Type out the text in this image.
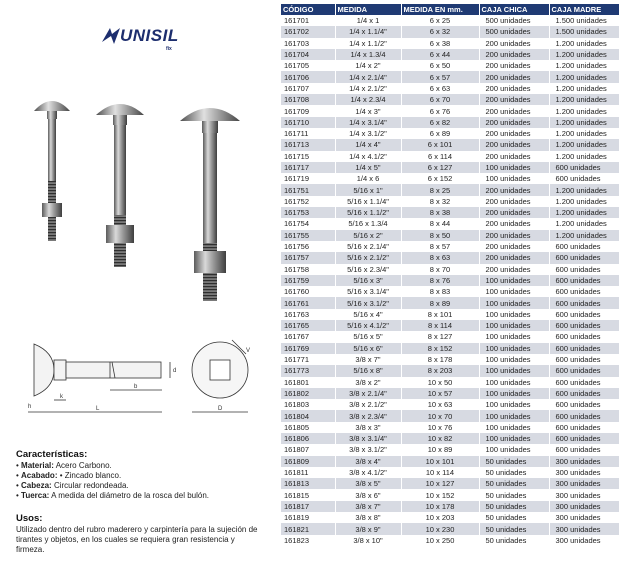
UNISIL
fix
h
k
L
b
d
D
V
Características:
• Material: Acero Carbono.
• Acabado: • Zincado blanco.
• Cabeza: Circular redondeada.
• Tuerca: A medida del diámetro de la rosca del bulón.
Usos:

Utilizado dentro del rubro maderero y carpintería para la sujeción de tirantes y objetos, en los cuales se requiera gran resistencia y firmeza.

CÓDIGO	MEDIDA	MEDIDA EN mm.	CAJA CHICA	CAJA MADRE
161701	1/4 x 1	6 x 25	500 unidades	1.500 unidades
161702	1/4 x 1.1/4"	6 x 32	500 unidades	1.500 unidades
161703	1/4 x 1.1/2"	6 x 38	200 unidades	1.200 unidades
161704	1/4 x 1.3/4	6 x 44	200 unidades	1.200 unidades
161705	1/4 x 2"	6 x 50	200 unidades	1.200 unidades
161706	1/4 x 2.1/4"	6 x 57	200 unidades	1.200 unidades
161707	1/4 x 2.1/2"	6 x 63	200 unidades	1.200 unidades
161708	1/4 x 2.3/4	6 x 70	200 unidades	1.200 unidades
161709	1/4 x 3"	6 x 76	200 unidades	1.200 unidades
161710	1/4 x 3.1/4"	6 x 82	200 unidades	1.200 unidades
161711	1/4 x 3.1/2"	6 x 89	200 unidades	1.200 unidades
161713	1/4 x 4"	6 x 101	200 unidades	1.200 unidades
161715	1/4 x 4.1/2"	6 x 114	200 unidades	1.200 unidades
161717	1/4 x 5"	6 x 127	100 unidades	600 unidades
161719	1/4 x 6	6 x 152	100 unidades	600 unidades
161751	5/16 x 1"	8 x 25	200 unidades	1.200 unidades
161752	5/16 x 1.1/4"	8 x 32	200 unidades	1.200 unidades
161753	5/16 x 1.1/2"	8 x 38	200 unidades	1.200 unidades
161754	5/16 x 1.3/4	8 x 44	200 unidades	1.200 unidades
161755	5/16 x 2"	8 x 50	200 unidades	1.200 unidades
161756	5/16 x 2.1/4"	8 x 57	200 unidades	600 unidades
161757	5/16 x 2.1/2"	8 x 63	200 unidades	600 unidades
161758	5/16 x 2.3/4"	8 x 70	200 unidades	600 unidades
161759	5/16 x 3"	8 x 76	100 unidades	600 unidades
161760	5/16 x 3.1/4"	8 x 83	100 unidades	600 unidades
161761	5/16 x 3.1/2"	8 x 89	100 unidades	600 unidades
161763	5/16 x 4"	8 x 101	100 unidades	600 unidades
161765	5/16 x 4.1/2"	8 x 114	100 unidades	600 unidades
161767	5/16 x 5"	8 x 127	100 unidades	600 unidades
161769	5/16 x 6"	8 x 152	100 unidades	600 unidades
161771	3/8 x 7"	8 x 178	100 unidades	600 unidades
161773	5/16 x 8"	8 x 203	100 unidades	600 unidades
161801	3/8 x 2"	10 x 50	100 unidades	600 unidades
161802	3/8 x 2.1/4"	10 x 57	100 unidades	600 unidades
161803	3/8 x 2.1/2"	10 x 63	100 unidades	600 unidades
161804	3/8 x 2.3/4"	10 x 70	100 unidades	600 unidades
161805	3/8 x 3"	10 x 76	100 unidades	600 unidades
161806	3/8 x 3.1/4"	10 x 82	100 unidades	600 unidades
161807	3/8 x 3.1/2"	10 x 89	100 unidades	600 unidades
161809	3/8 x 4"	10 x 101	50 unidades	300 unidades
161811	3/8 x 4.1/2"	10 x 114	50 unidades	300 unidades
161813	3/8 x 5"	10 x 127	50 unidades	300 unidades
161815	3/8 x 6"	10 x 152	50 unidades	300 unidades
161817	3/8 x 7"	10 x 178	50 unidades	300 unidades
161819	3/8 x 8"	10 x 203	50 unidades	300 unidades
161821	3/8 x 9"	10 x 230	50 unidades	300 unidades
161823	3/8 x 10"	10 x 250	50 unidades	300 unidades
